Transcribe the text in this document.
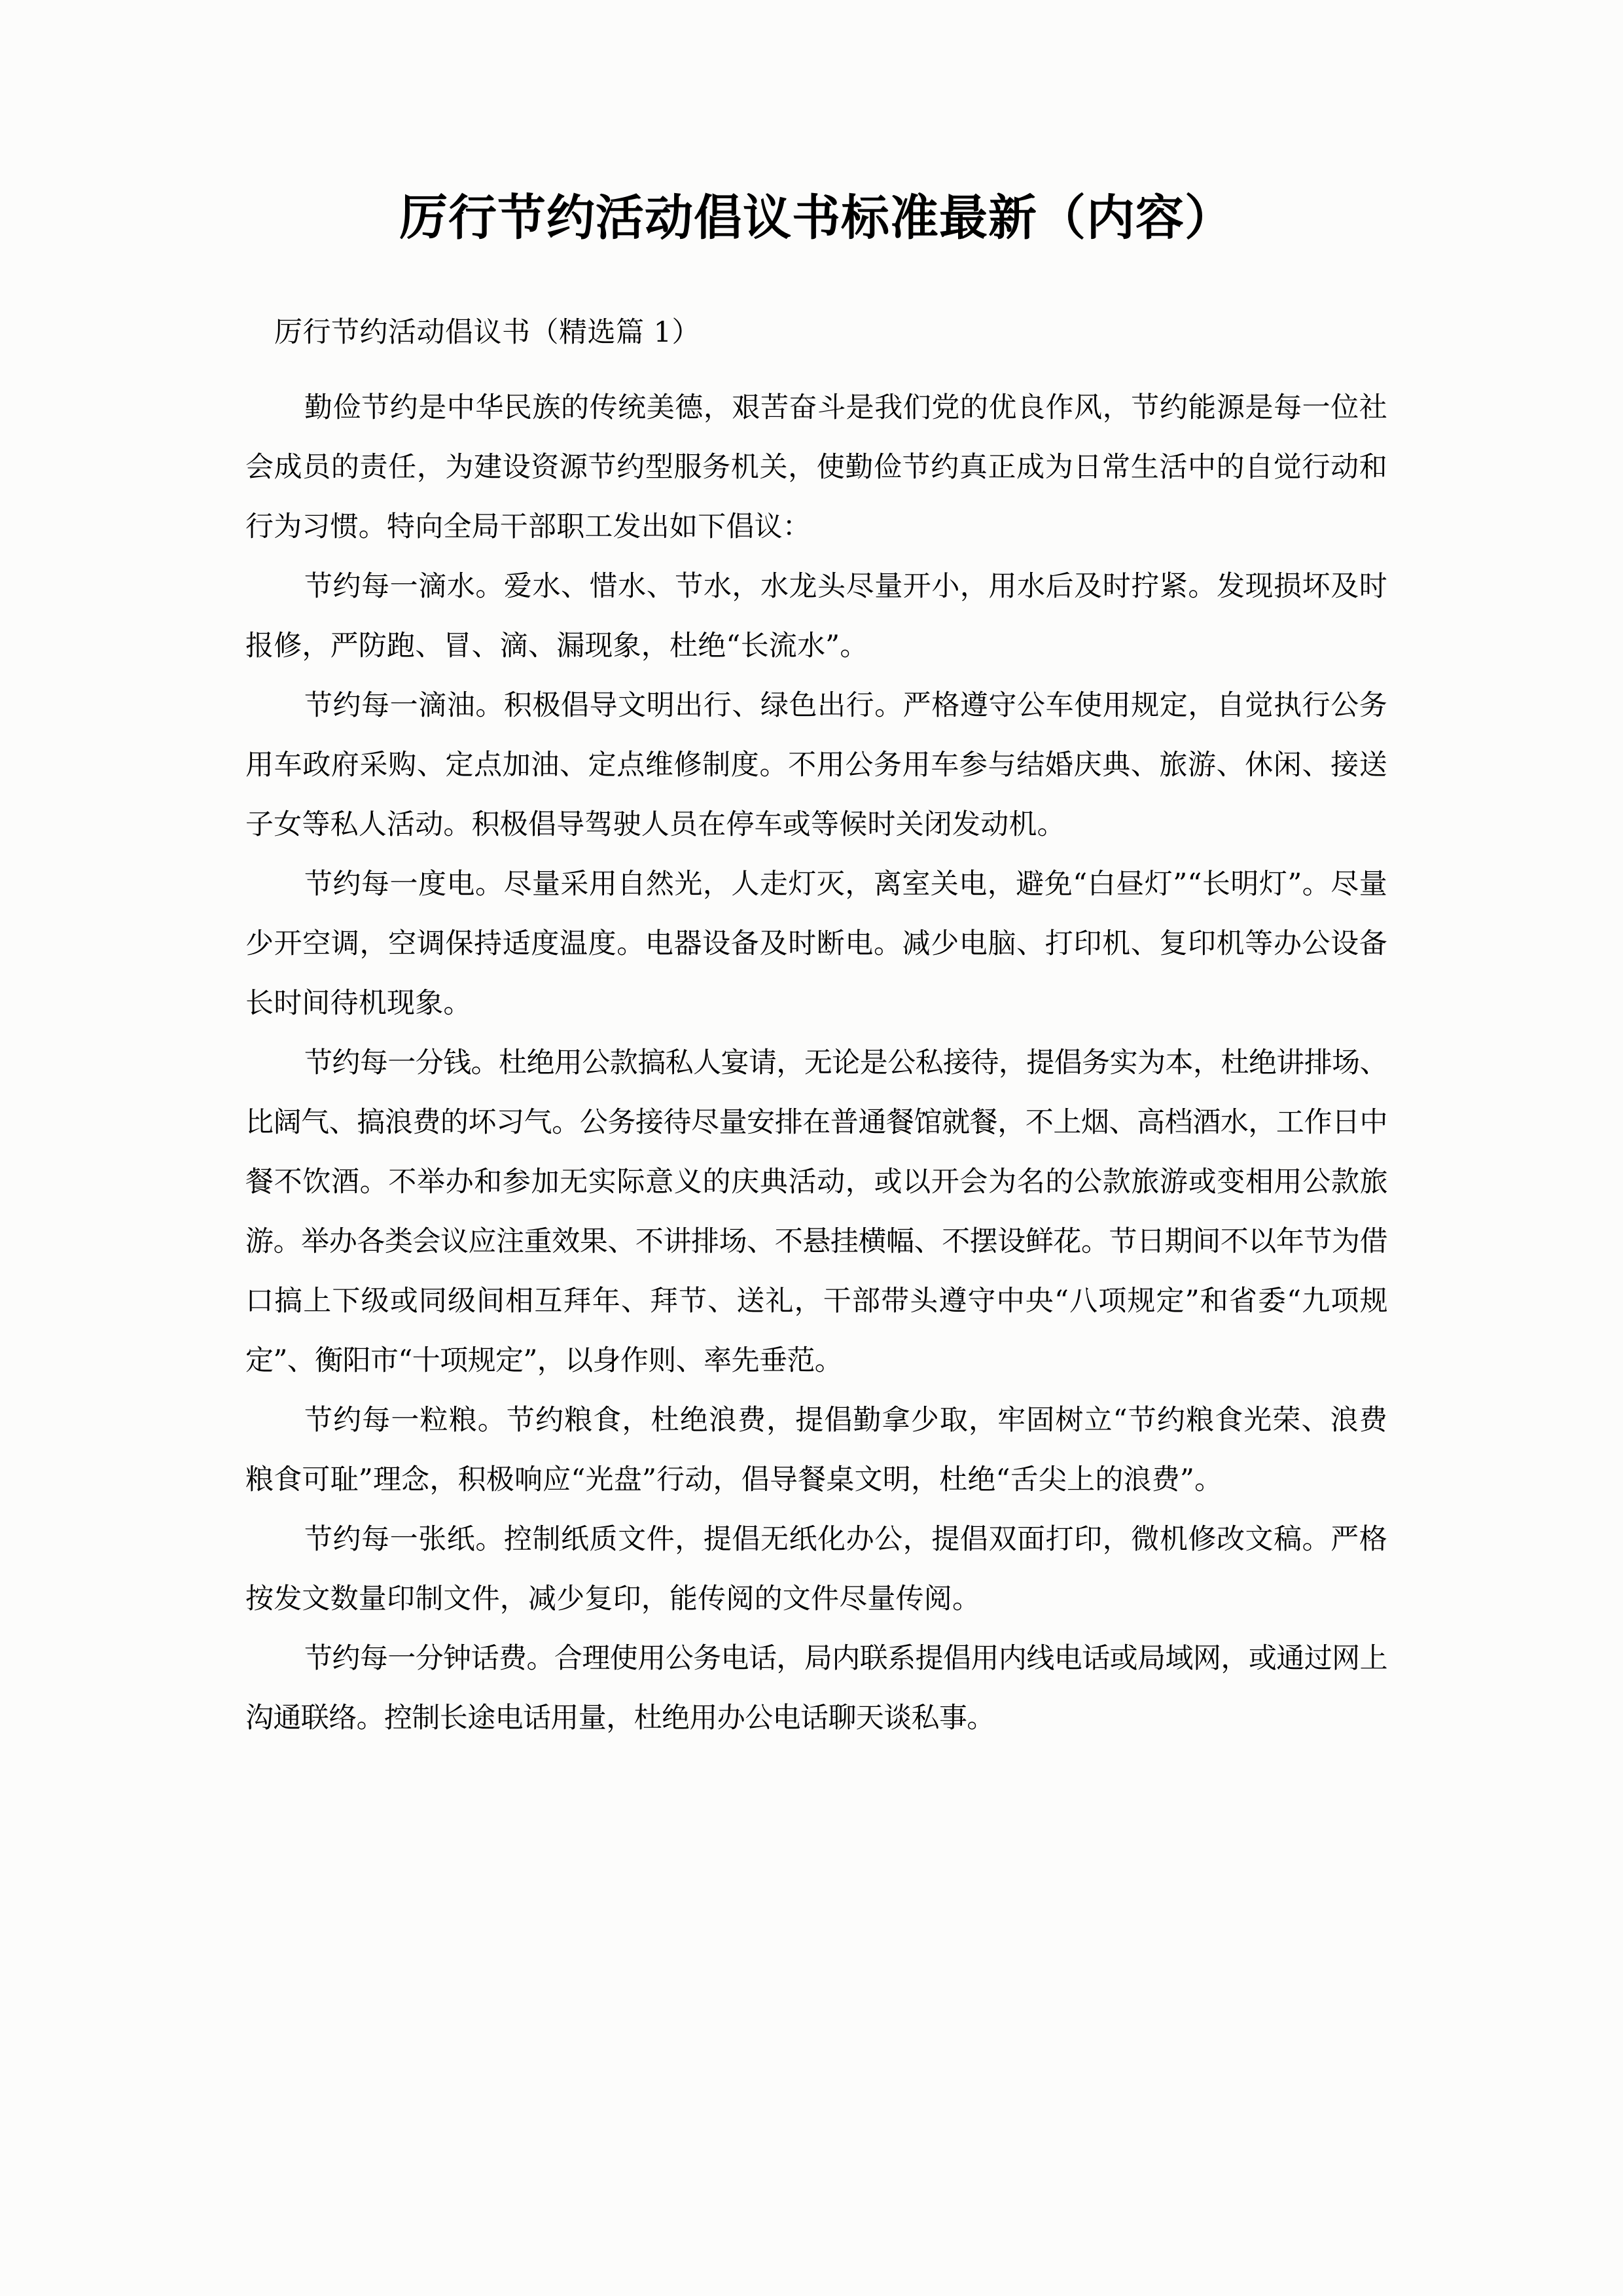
厉行节约活动倡议书标准最新（内容）

厉行节约活动倡议书（精选篇 1）

勤俭节约是中华民族的传统美德，艰苦奋斗是我们党的优良作风，节约能源是每一位社会成员的责任，为建设资源节约型服务机关，使勤俭节约真正成为日常生活中的自觉行动和行为习惯。特向全局干部职工发出如下倡议：

节约每一滴水。爱水、惜水、节水，水龙头尽量开小，用水后及时拧紧。发现损坏及时报修，严防跑、冒、滴、漏现象，杜绝“长流水”。

节约每一滴油。积极倡导文明出行、绿色出行。严格遵守公车使用规定，自觉执行公务用车政府采购、定点加油、定点维修制度。不用公务用车参与结婚庆典、旅游、休闲、接送子女等私人活动。积极倡导驾驶人员在停车或等候时关闭发动机。

节约每一度电。尽量采用自然光，人走灯灭，离室关电，避免“白昼灯”“长明灯”。尽量少开空调，空调保持适度温度。电器设备及时断电。减少电脑、打印机、复印机等办公设备长时间待机现象。

节约每一分钱。杜绝用公款搞私人宴请，无论是公私接待，提倡务实为本，杜绝讲排场、比阔气、搞浪费的坏习气。公务接待尽量安排在普通餐馆就餐，不上烟、高档酒水，工作日中餐不饮酒。不举办和参加无实际意义的庆典活动，或以开会为名的公款旅游或变相用公款旅游。举办各类会议应注重效果、不讲排场、不悬挂横幅、不摆设鲜花。节日期间不以年节为借口搞上下级或同级间相互拜年、拜节、送礼，干部带头遵守中央“八项规定”和省委“九项规定”、衡阳市“十项规定”，以身作则、率先垂范。

节约每一粒粮。节约粮食，杜绝浪费，提倡勤拿少取，牢固树立“节约粮食光荣、浪费粮食可耻”理念，积极响应“光盘”行动，倡导餐桌文明，杜绝“舌尖上的浪费”。

节约每一张纸。控制纸质文件，提倡无纸化办公，提倡双面打印，微机修改文稿。严格按发文数量印制文件，减少复印，能传阅的文件尽量传阅。

节约每一分钟话费。合理使用公务电话，局内联系提倡用内线电话或局域网，或通过网上沟通联络。控制长途电话用量，杜绝用办公电话聊天谈私事。
